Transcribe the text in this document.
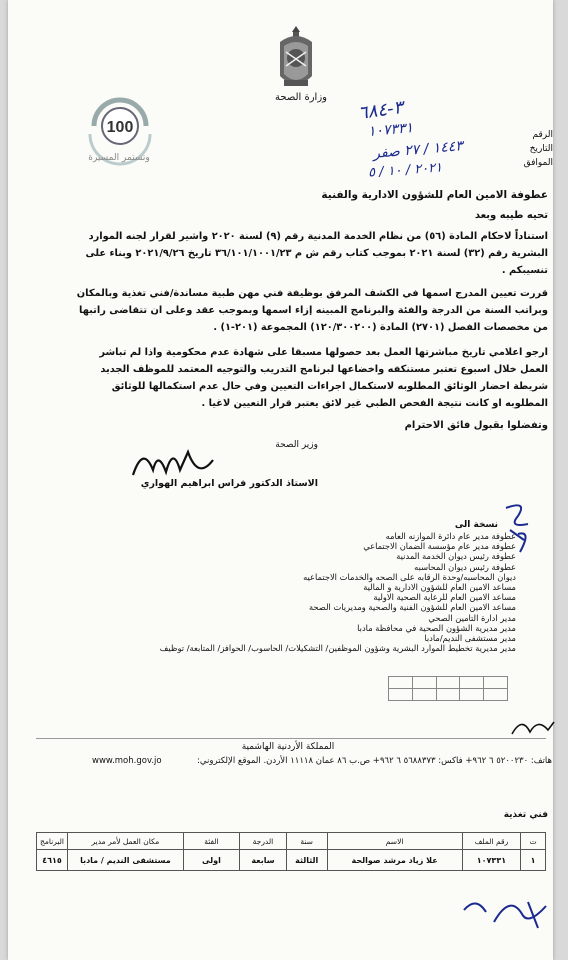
وزارة الصحة
100
وتستمر المسيرة
الرقم
التاريخ
الموافق
٣-٦٨٤
١٠٧٣٣١
١٤٤٣ / ٢٧ صفر
٢٠٢١ / ١٠ / ٥
عطوفة الامين العام للشؤون الادارية والفنية
تحيه طيبه وبعد
استناداً لاحكام المادة (٥٦) من نظام الخدمة المدنية رقم (٩) لسنة ٢٠٢٠ واشير لقرار لجنه الموارد البشرية رقم (٣٢) لسنة ٢٠٢١ بموجب كتاب رقم ش م ٣٦/١٠١/١٠٠١/٢٣ تاريخ ٢٠٢١/٩/٢٦ وبناء على تنسيبكم .
قررت تعيين المدرج اسمها في الكشف المرفق بوظيفة فني مهن طبية مساندة/فني تغذية وبالمكان وبراتب السنة من الدرجة والفئة والبرنامج المبينه إزاء اسمها وبموجب عقد وعلى ان تتقاضى راتبها من مخصصات الفصل (٢٧٠١) المادة (١٢٠/٣٠٠٢٠٠) المجموعة (٢٠١-١) .
ارجو اعلامي تاريخ مباشرتها العمل بعد حصولها مسبقا على شهادة عدم محكومية واذا لم تباشر العمل خلال اسبوع تعتبر مستنكفه واخضاعها لبرنامج التدريب والتوجيه المعتمد للموظف الجديد شريطة احضار الوثائق المطلوبه لاستكمال اجراءات التعيين وفي حال عدم استكمالها للوثائق المطلوبه او كانت نتيجة الفحص الطبي غير لائق يعتبر قرار التعيين لاغيا .
وتفضلوا بقبول فائق الاحترام
وزير الصحة
الاستاذ الدكتور فراس ابراهيم الهواري
نسخة الى
عطوفة مدير عام دائرة الموازنه العامه
عطوفة مدير عام مؤسسة الضمان الاجتماعي
عطوفة رئيس ديوان الخدمة المدنية
عطوفة رئيس ديوان المحاسبه
ديوان المحاسبه/وحدة الرقابه على الصحه والخدمات الاجتماعيه
مساعد الامين العام للشؤون الادارية و المالية
مساعد الامين العام للرعاية الصحية الاولية
مساعد الامين العام للشؤون الفنية والصحية ومديريات الصحة
مدير ادارة التامين الصحي
مدير مديرية الشؤون الصحية في محافظة مادبا
مدير مستشفى النديم/مادبا
مدير مديرية تخطيط الموارد البشرية وشؤون الموظفين/ التشكيلات/ الحاسوب/ الحوافز/ المتابعة/ توظيف

المملكة الأردنية الهاشمية
هاتف: ٥٢٠٠٢٣٠ ٦ ٩٦٢+ فاكس: ٥٦٨٨٣٧٣ ٦ ٩٦٢+ ص.ب ٨٦ عمان ١١١١٨ الأردن. الموقع الإلكتروني:
www.moh.gov.jo
فني تغذية
ت	رقم الملف	الاسم	سنة	الدرجة	الفئة	مكان العمل لأمر مدير	البرنامج
١	١٠٧٣٣١	علا زياد مرشد صوالحة	الثالثة	سابعة	اولى	مستشفى النديم / مادبا	٤٦١٥
